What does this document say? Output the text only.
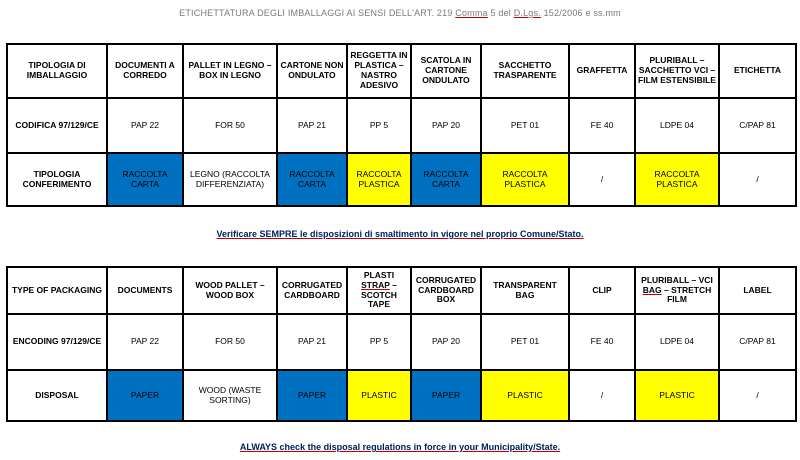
ETICHETTATURA DEGLI IMBALLAGGI AI SENSI DELL'ART. 219 Comma 5 del D.Lgs. 152/2006 e ss.mm
TIPOLOGIA DI IMBALLAGGIO	DOCUMENTI A CORREDO	PALLET IN LEGNO – BOX IN LEGNO	CARTONE NON ONDULATO	REGGETTA IN PLASTICA – NASTRO ADESIVO	SCATOLA IN CARTONE ONDULATO	SACCHETTO TRASPARENTE	GRAFFETTA	PLURIBALL – SACCHETTO VCI – FILM ESTENSIBILE	ETICHETTA
CODIFICA 97/129/CE	PAP 22	FOR 50	PAP 21	PP 5	PAP 20	PET 01	FE 40	LDPE 04	C/PAP 81
TIPOLOGIA CONFERIMENTO	RACCOLTA CARTA	LEGNO (RACCOLTA DIFFERENZIATA)	RACCOLTA CARTA	RACCOLTA PLASTICA	RACCOLTA CARTA	RACCOLTA PLASTICA	/	RACCOLTA PLASTICA	/
Verificare SEMPRE le disposizioni di smaltimento in vigore nel proprio Comune/Stato.
TYPE OF PACKAGING	DOCUMENTS	WOOD PALLET – WOOD BOX	CORRUGATED CARDBOARD	PLASTI STRAP – SCOTCH TAPE	CORRUGATED CARDBOARD BOX	TRANSPARENT BAG	CLIP	PLURIBALL – VCI BAG – STRETCH FILM	LABEL
ENCODING 97/129/CE	PAP 22	FOR 50	PAP 21	PP 5	PAP 20	PET 01	FE 40	LDPE 04	C/PAP 81
DISPOSAL	PAPER	WOOD (WASTE SORTING)	PAPER	PLASTIC	PAPER	PLASTIC	/	PLASTIC	/
ALWAYS check the disposal regulations in force in your Municipality/State.
